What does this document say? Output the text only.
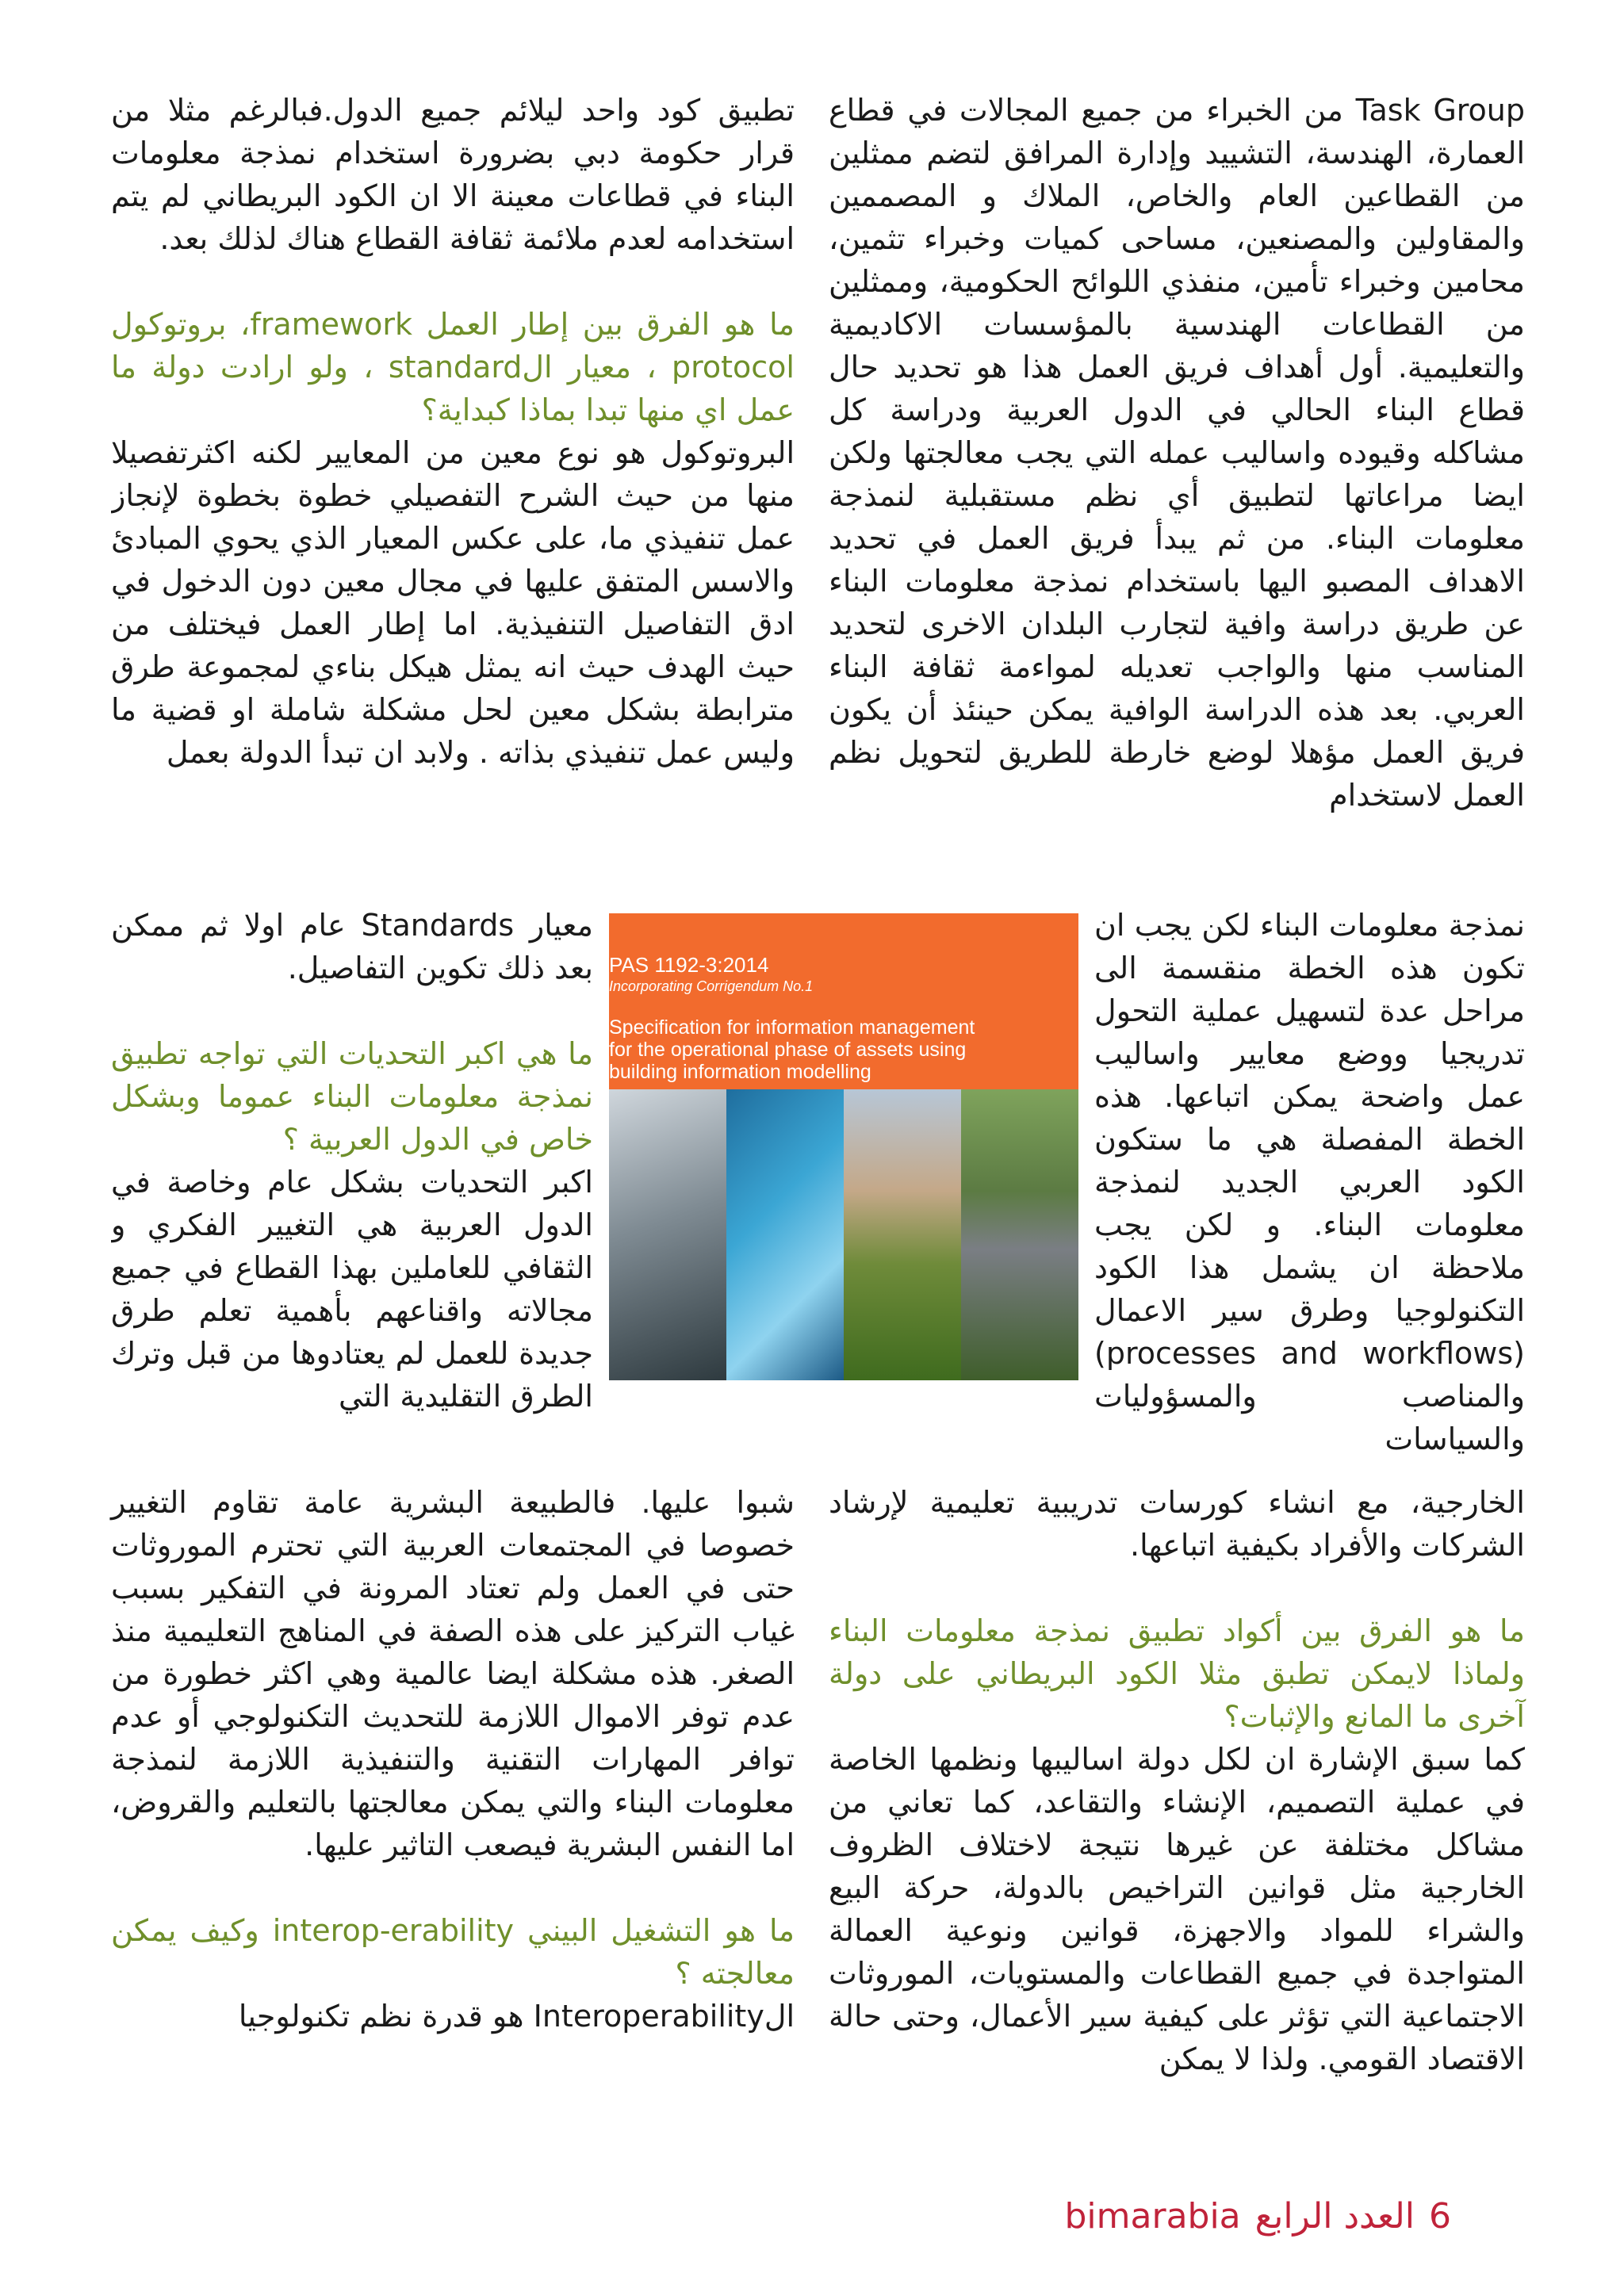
Task Group من الخبراء من جميع المجالات في قطاع العمارة، الهندسة، التشييد وإدارة المرافق لتضم ممثلين من القطاعين العام والخاص، الملاك و المصممين والمقاولين والمصنعين، مساحى كميات وخبراء تثمين، محامين وخبراء تأمين، منفذي اللوائح الحكومية، وممثلين من القطاعات الهندسية بالمؤسسات الاكاديمية والتعليمية. أول أهداف فريق العمل هذا هو تحديد حال قطاع البناء الحالي في الدول العربية ودراسة كل مشاكله وقيوده واساليب عمله التي يجب معالجتها ولكن ايضا مراعاتها لتطبيق أي نظم مستقبلية لنمذجة معلومات البناء. من ثم يبدأ فريق العمل في تحديد الاهداف المصبو اليها باستخدام نمذجة معلومات البناء عن طريق دراسة وافية لتجارب البلدان الاخرى لتحديد المناسب منها والواجب تعديله لمواءمة ثقافة البناء العربي. بعد هذه الدراسة الوافية يمكن حينئذ أن يكون فريق العمل مؤهلا لوضع خارطة للطريق لتحويل نظم العمل لاستخدام

نمذجة معلومات البناء لكن يجب ان تكون هذه الخطة منقسمة الى مراحل عدة لتسهيل عملية التحول تدريجيا ووضع معايير واساليب عمل واضحة يمكن اتباعها. هذه الخطة المفصلة هي ما ستكون الكود العربي الجديد لنمذجة معلومات البناء. و لكن يجب ملاحظة ان يشمل هذا الكود التكنولوجيا وطرق سير الاعمال (processes and workflows) والمناصب والمسؤوليات والسياسات

الخارجية، مع انشاء كورسات تدريبية تعليمية لإرشاد الشركات والأفراد بكيفية اتباعها.

ما هو الفرق بين أكواد تطبيق نمذجة معلومات البناء ولماذا لايمكن تطبق مثلا الكود البريطاني على دولة آخرى ما المانع والإثبات؟

كما سبق الإشارة ان لكل دولة اساليبها ونظمها الخاصة في عملية التصميم، الإنشاء والتقاعد، كما تعاني من مشاكل مختلفة عن غيرها نتيجة لاختلاف الظروف الخارجية مثل قوانين التراخيص بالدولة، حركة البيع والشراء للمواد والاجهزة، قوانين ونوعية العمالة المتواجدة في جميع القطاعات والمستويات، الموروثات الاجتماعية التي تؤثر على كيفية سير الأعمال، وحتى حالة الاقتصاد القومي. ولذا لا يمكن

تطبيق كود واحد ليلائم جميع الدول.فبالرغم مثلا من قرار حكومة دبي بضرورة استخدام نمذجة معلومات البناء في قطاعات معينة الا ان الكود البريطاني لم يتم استخدامه لعدم ملائمة ثقافة القطاع هناك لذلك بعد.

ما هو الفرق بين إطار العمل framework، بروتوكول protocol ، معيار الstandard ، ولو ارادت دولة ما عمل اي منها تبدا بماذا كبداية؟

البروتوكول هو نوع معين من المعايير لكنه اكثرتفصيلا منها من حيث الشرح التفصيلي خطوة بخطوة لإنجاز عمل تنفيذي ما، على عكس المعيار الذي يحوي المبادئ والاسس المتفق عليها في مجال معين دون الدخول في ادق التفاصيل التنفيذية. اما إطار العمل فيختلف من حيث الهدف حيث انه يمثل هيكل بناءي لمجموعة طرق مترابطة بشكل معين لحل مشكلة شاملة او قضية ما وليس عمل تنفيذي بذاته . ولابد ان تبدأ الدولة بعمل

معيار Standards عام اولا ثم ممكن بعد ذلك تكوين التفاصيل.

ما هي اكبر التحديات التي تواجه تطبيق نمذجة معلومات البناء عموما وبشكل خاص في الدول العربية ؟

اكبر التحديات بشكل عام وخاصة في الدول العربية هي التغيير الفكري و الثقافي للعاملين بهذا القطاع في جميع مجالاته واقناعهم بأهمية تعلم طرق جديدة للعمل لم يعتادوها من قبل وترك الطرق التقليدية التي

شبوا عليها. فالطبيعة البشرية عامة تقاوم التغيير خصوصا في المجتمعات العربية التي تحترم الموروثات حتى في العمل ولم تعتاد المرونة في التفكير بسبب غياب التركيز على هذه الصفة في المناهج التعليمية منذ الصغر. هذه مشكلة ايضا عالمية وهي اكثر خطورة من عدم توفر الاموال اللازمة للتحديث التكنولوجي أو عدم توافر المهارات التقنية والتنفيذية اللازمة لنمذجة معلومات البناء والتي يمكن معالجتها بالتعليم والقروض، اما النفس البشرية فيصعب التاثير عليها.

ما هو التشغيل البيني interop-erability وكيف يمكن معالجته ؟

الInteroperability هو قدرة نظم تكنولوجيا

PAS 1192-3:2014
Incorporating Corrigendum No.1
Specification for information management
for the operational phase of assets using
building information modelling
6العدد الرابعbimarabia
